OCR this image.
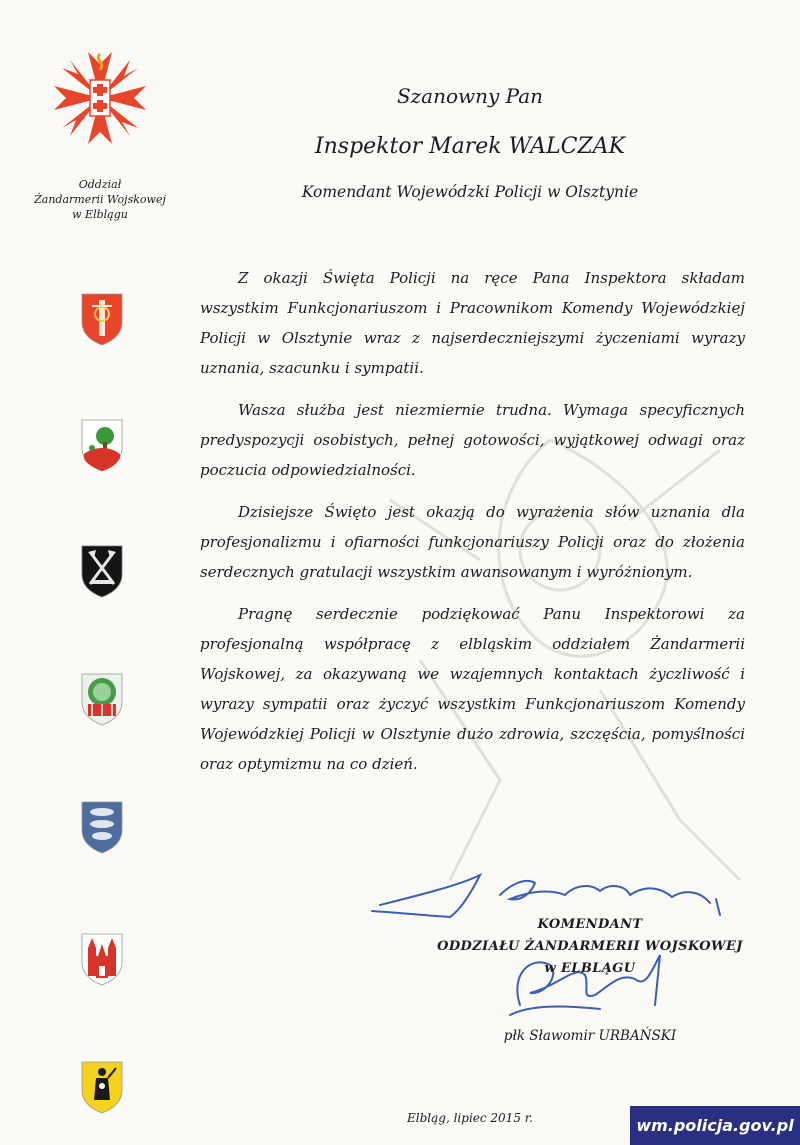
Oddział
Żandarmerii Wojskowej
w Elblągu
Szanowny Pan
Inspektor Marek WALCZAK
Komendant Wojewódzki Policji w Olsztynie

Z okazji Święta Policji na ręce Pana Inspektora składam wszystkim Funkcjonariuszom i Pracownikom Komendy Wojewódzkiej Policji w Olsztynie wraz z najserdeczniejszymi życzeniami wyrazy uznania, szacunku i sympatii.

Wasza służba jest niezmiernie trudna. Wymaga specyficznych predyspozycji osobistych, pełnej gotowości, wyjątkowej odwagi oraz poczucia odpowiedzialności.

Dzisiejsze Święto jest okazją do wyrażenia słów uznania dla profesjonalizmu i ofiarności funkcjonariuszy Policji oraz do złożenia serdecznych gratulacji wszystkim awansowanym i wyróżnionym.

Pragnę serdecznie podziękować Panu Inspektorowi za profesjonalną współpracę z elbląskim oddziałem Żandarmerii Wojskowej, za okazywaną we wzajemnych kontaktach życzliwość i wyrazy sympatii oraz życzyć wszystkim Funkcjonariuszom Komendy Wojewódzkiej Policji w Olsztynie dużo zdrowia, szczęścia, pomyślności oraz optymizmu na co dzień.

KOMENDANT
ODDZIAŁU ŻANDARMERII WOJSKOWEJ
w ELBLĄGU
płk Sławomir URBAŃSKI
Elbląg, lipiec 2015 r.	wm.policja.gov.pl
